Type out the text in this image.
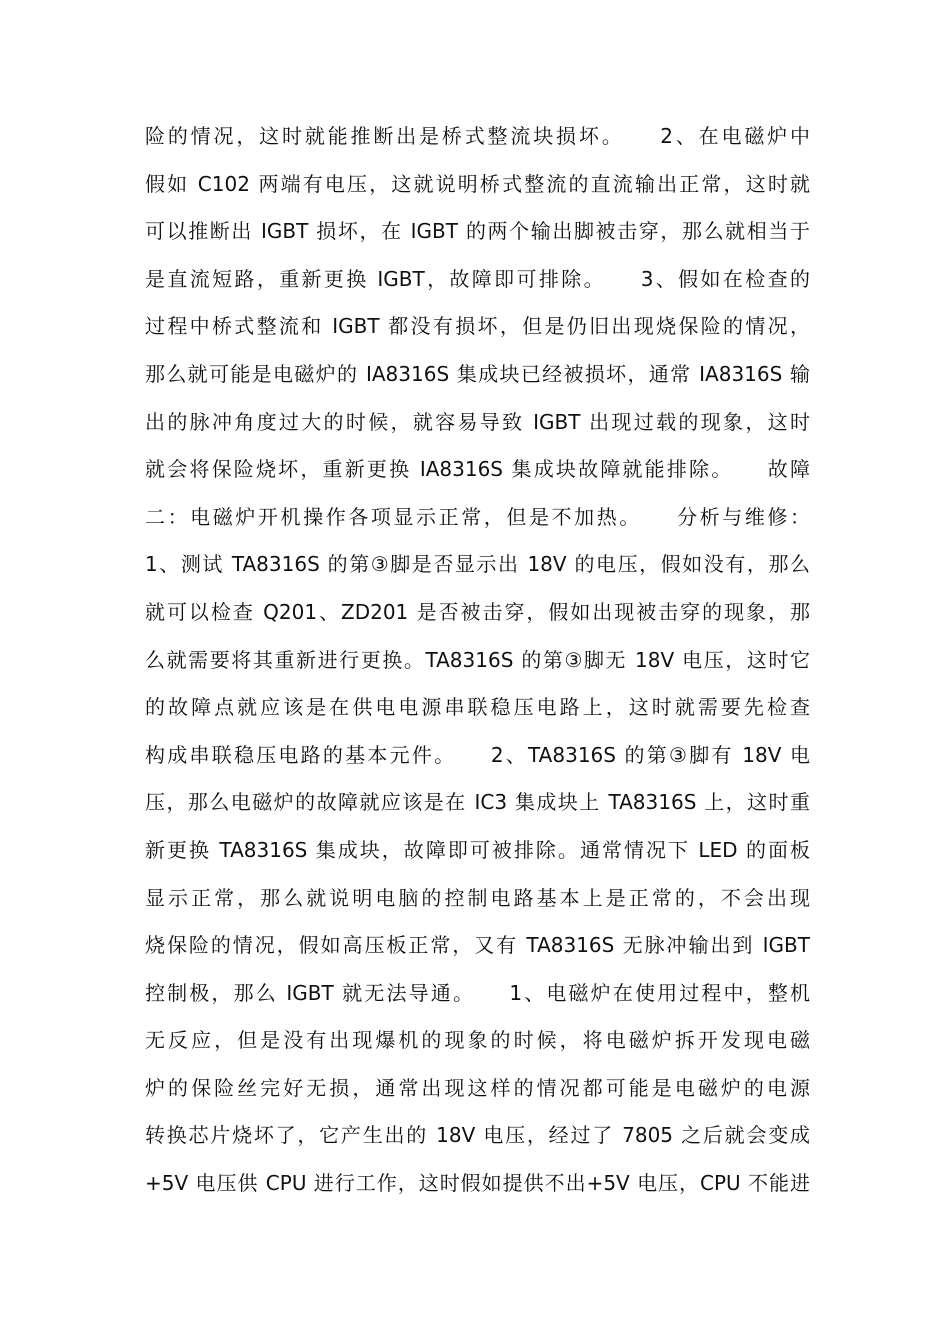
险的情况，这时就能推断出是桥式整流块损坏。　　2、在电磁炉中
假如 C102 两端有电压，这就说明桥式整流的直流输出正常，这时就
可以推断出 IGBT 损坏，在 IGBT 的两个输出脚被击穿，那么就相当于
是直流短路，重新更换 IGBT，故障即可排除。　　3、假如在检查的
过程中桥式整流和 IGBT 都没有损坏，但是仍旧出现烧保险的情况，
那么就可能是电磁炉的 IA8316S 集成块已经被损坏，通常 IA8316S 输
出的脉冲角度过大的时候，就容易导致 IGBT 出现过载的现象，这时
就会将保险烧坏，重新更换 IA8316S 集成块故障就能排除。　　故障
二：电磁炉开机操作各项显示正常，但是不加热。　　分析与维修：
1、测试 TA8316S 的第③脚是否显示出 18V 的电压，假如没有，那么
就可以检查 Q201、ZD201 是否被击穿，假如出现被击穿的现象，那
么就需要将其重新进行更换。TA8316S 的第③脚无 18V 电压，这时它
的故障点就应该是在供电电源串联稳压电路上，这时就需要先检查
构成串联稳压电路的基本元件。　　2、TA8316S 的第③脚有 18V 电
压，那么电磁炉的故障就应该是在 IC3 集成块上 TA8316S 上，这时重
新更换 TA8316S 集成块，故障即可被排除。通常情况下 LED 的面板
显示正常，那么就说明电脑的控制电路基本上是正常的，不会出现
烧保险的情况，假如高压板正常，又有 TA8316S 无脉冲输出到 IGBT
控制极，那么 IGBT 就无法导通。　　1、电磁炉在使用过程中，整机
无反应，但是没有出现爆机的现象的时候，将电磁炉拆开发现电磁
炉的保险丝完好无损，通常出现这样的情况都可能是电磁炉的电源
转换芯片烧坏了，它产生出的 18V 电压，经过了 7805 之后就会变成
+5V 电压供 CPU 进行工作，这时假如提供不出+5V 电压，CPU 不能进
